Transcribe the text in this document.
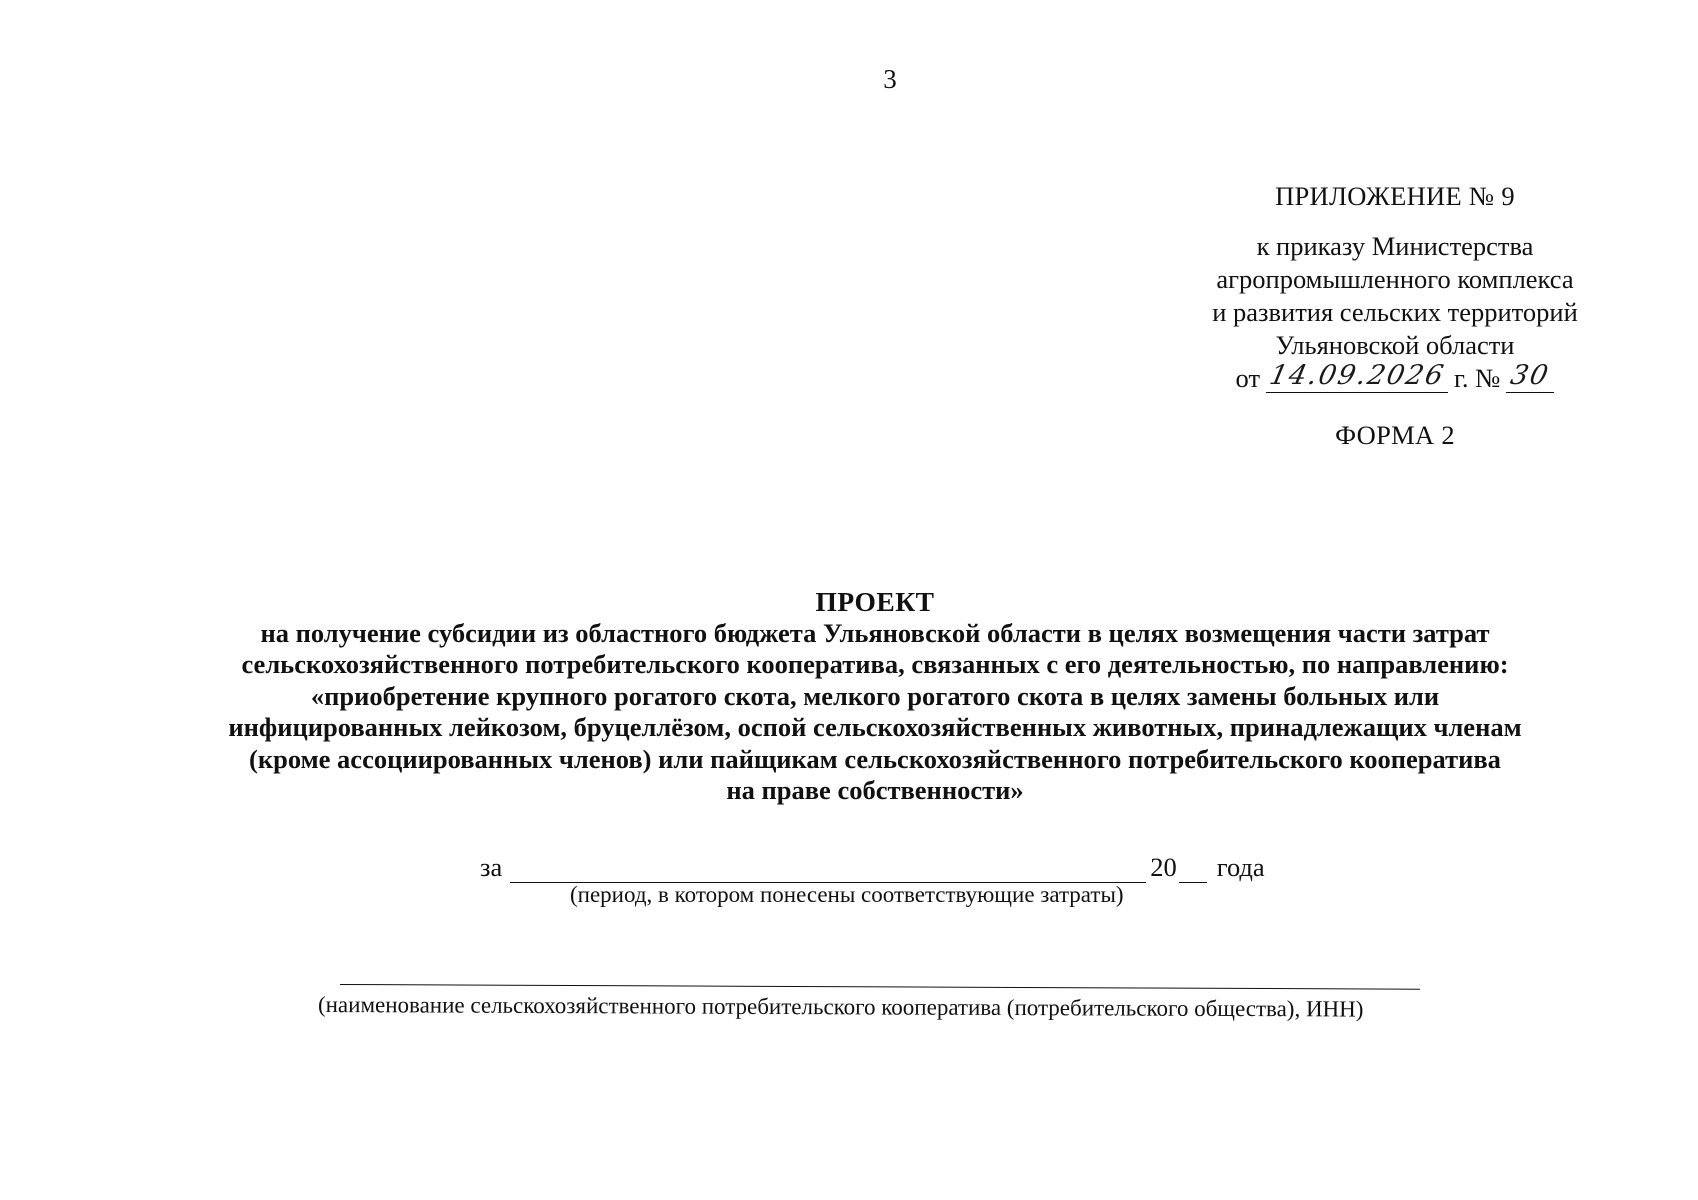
3
ПРИЛОЖЕНИЕ № 9
к приказу Министерства
агропромышленного комплекса
и развития сельских территорий
Ульяновской области
от 14.09.2026 г. № 30
ФОРМА 2
ПРОЕКТ
на получение субсидии из областного бюджета Ульяновской области в целях возмещения части затрат
сельскохозяйственного потребительского кооператива, связанных с его деятельностью, по направлению:
«приобретение крупного рогатого скота, мелкого рогатого скота в целях замены больных или
инфицированных лейкозом, бруцеллёзом, оспой сельскохозяйственных животных, принадлежащих членам
(кроме ассоциированных членов) или пайщикам сельскохозяйственного потребительского кооператива
на праве собственности»
за	20 года
(период, в котором понесены соответствующие затраты)
(наименование сельскохозяйственного потребительского кооператива (потребительского общества), ИНН)
